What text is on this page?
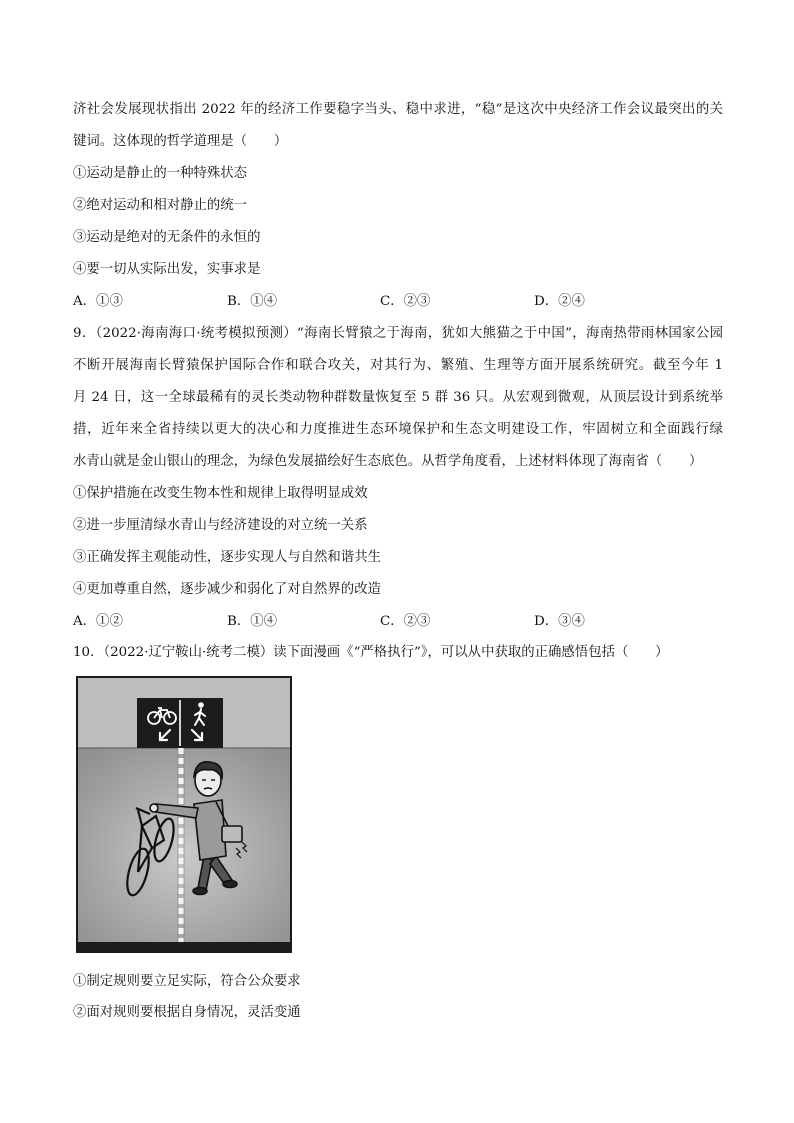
济社会发展现状指出 2022 年的经济工作要稳字当头、稳中求进，“稳”是这次中央经济工作会议最突出的关
键词。这体现的哲学道理是（　　）
①运动是静止的一种特殊状态
②绝对运动和相对静止的统一
③运动是绝对的无条件的永恒的
④要一切从实际出发，实事求是
A．①③	B．①④	C．②③	D．②④
9．（2022·海南海口·统考模拟预测）“海南长臂猿之于海南，犹如大熊猫之于中国”，海南热带雨林国家公园
不断开展海南长臂猿保护国际合作和联合攻关，对其行为、繁殖、生理等方面开展系统研究。截至今年 1
月 24 日，这一全球最稀有的灵长类动物种群数量恢复至 5 群 36 只。从宏观到微观，从顶层设计到系统举
措，近年来全省持续以更大的决心和力度推进生态环境保护和生态文明建设工作，牢固树立和全面践行绿
水青山就是金山银山的理念，为绿色发展描绘好生态底色。从哲学角度看，上述材料体现了海南省（　　）
①保护措施在改变生物本性和规律上取得明显成效
②进一步厘清绿水青山与经济建设的对立统一关系
③正确发挥主观能动性，逐步实现人与自然和谐共生
④更加尊重自然，逐步减少和弱化了对自然界的改造
A．①②	B．①④	C．②③	D．③④
10．（2022·辽宁鞍山·统考二模）读下面漫画《“严格执行”》，可以从中获取的正确感悟包括（　　）
①制定规则要立足实际，符合公众要求
②面对规则要根据自身情况，灵活变通
